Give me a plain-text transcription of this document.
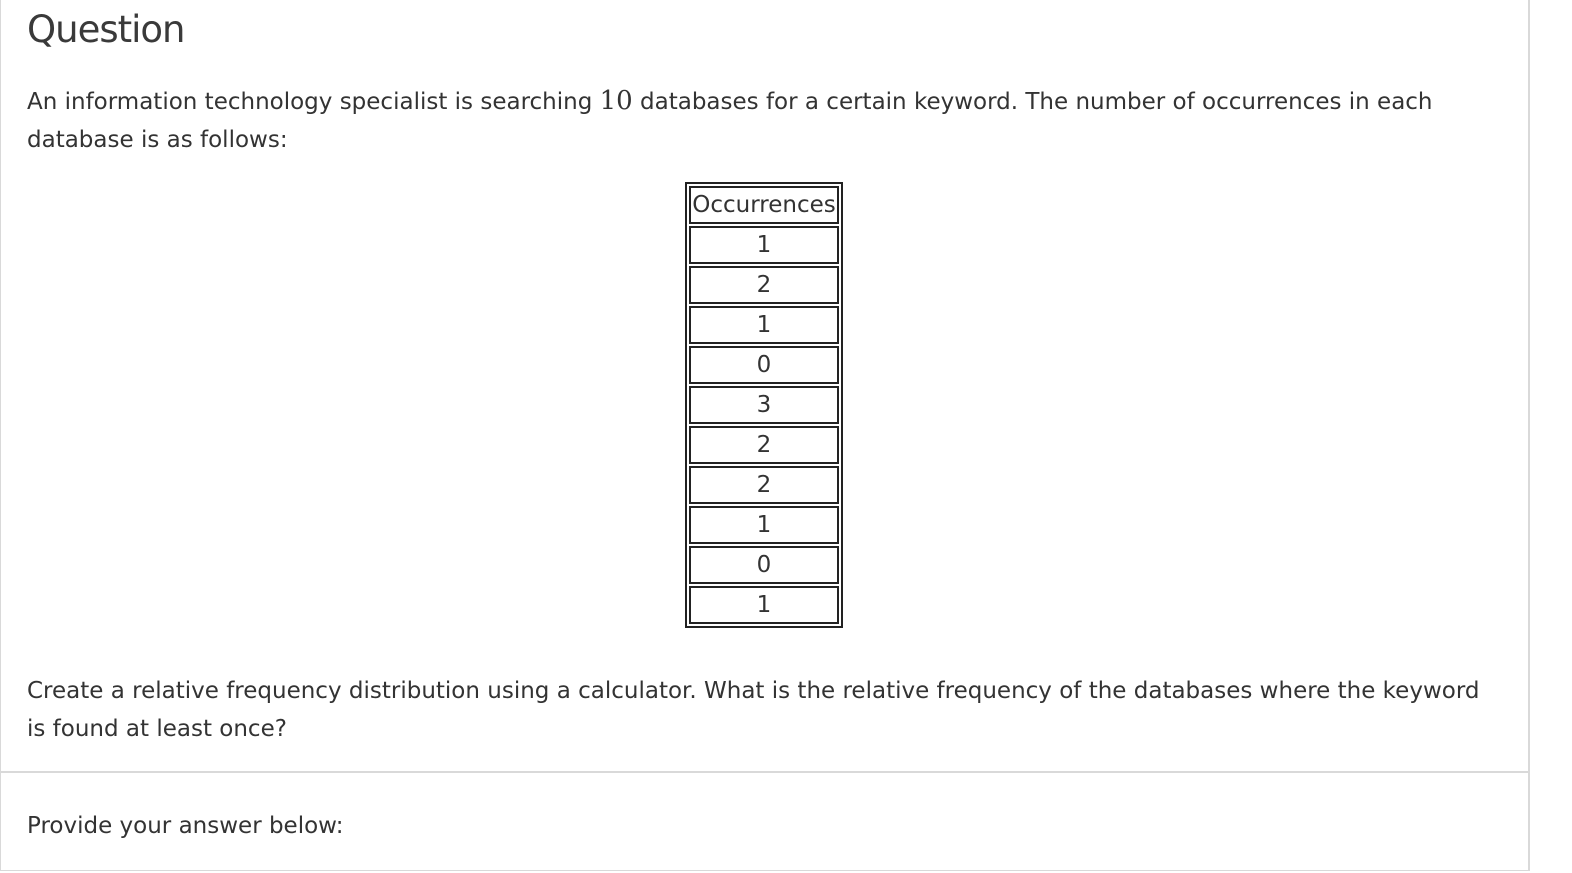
Question

An information technology specialist is searching 10 databases for a certain keyword. The number of occurrences in each database is as follows:

Occurrences
1
2
1
0
3
2
2
1
0
1

Create a relative frequency distribution using a calculator. What is the relative frequency of the databases where the keyword is found at least once?

Provide your answer below:
